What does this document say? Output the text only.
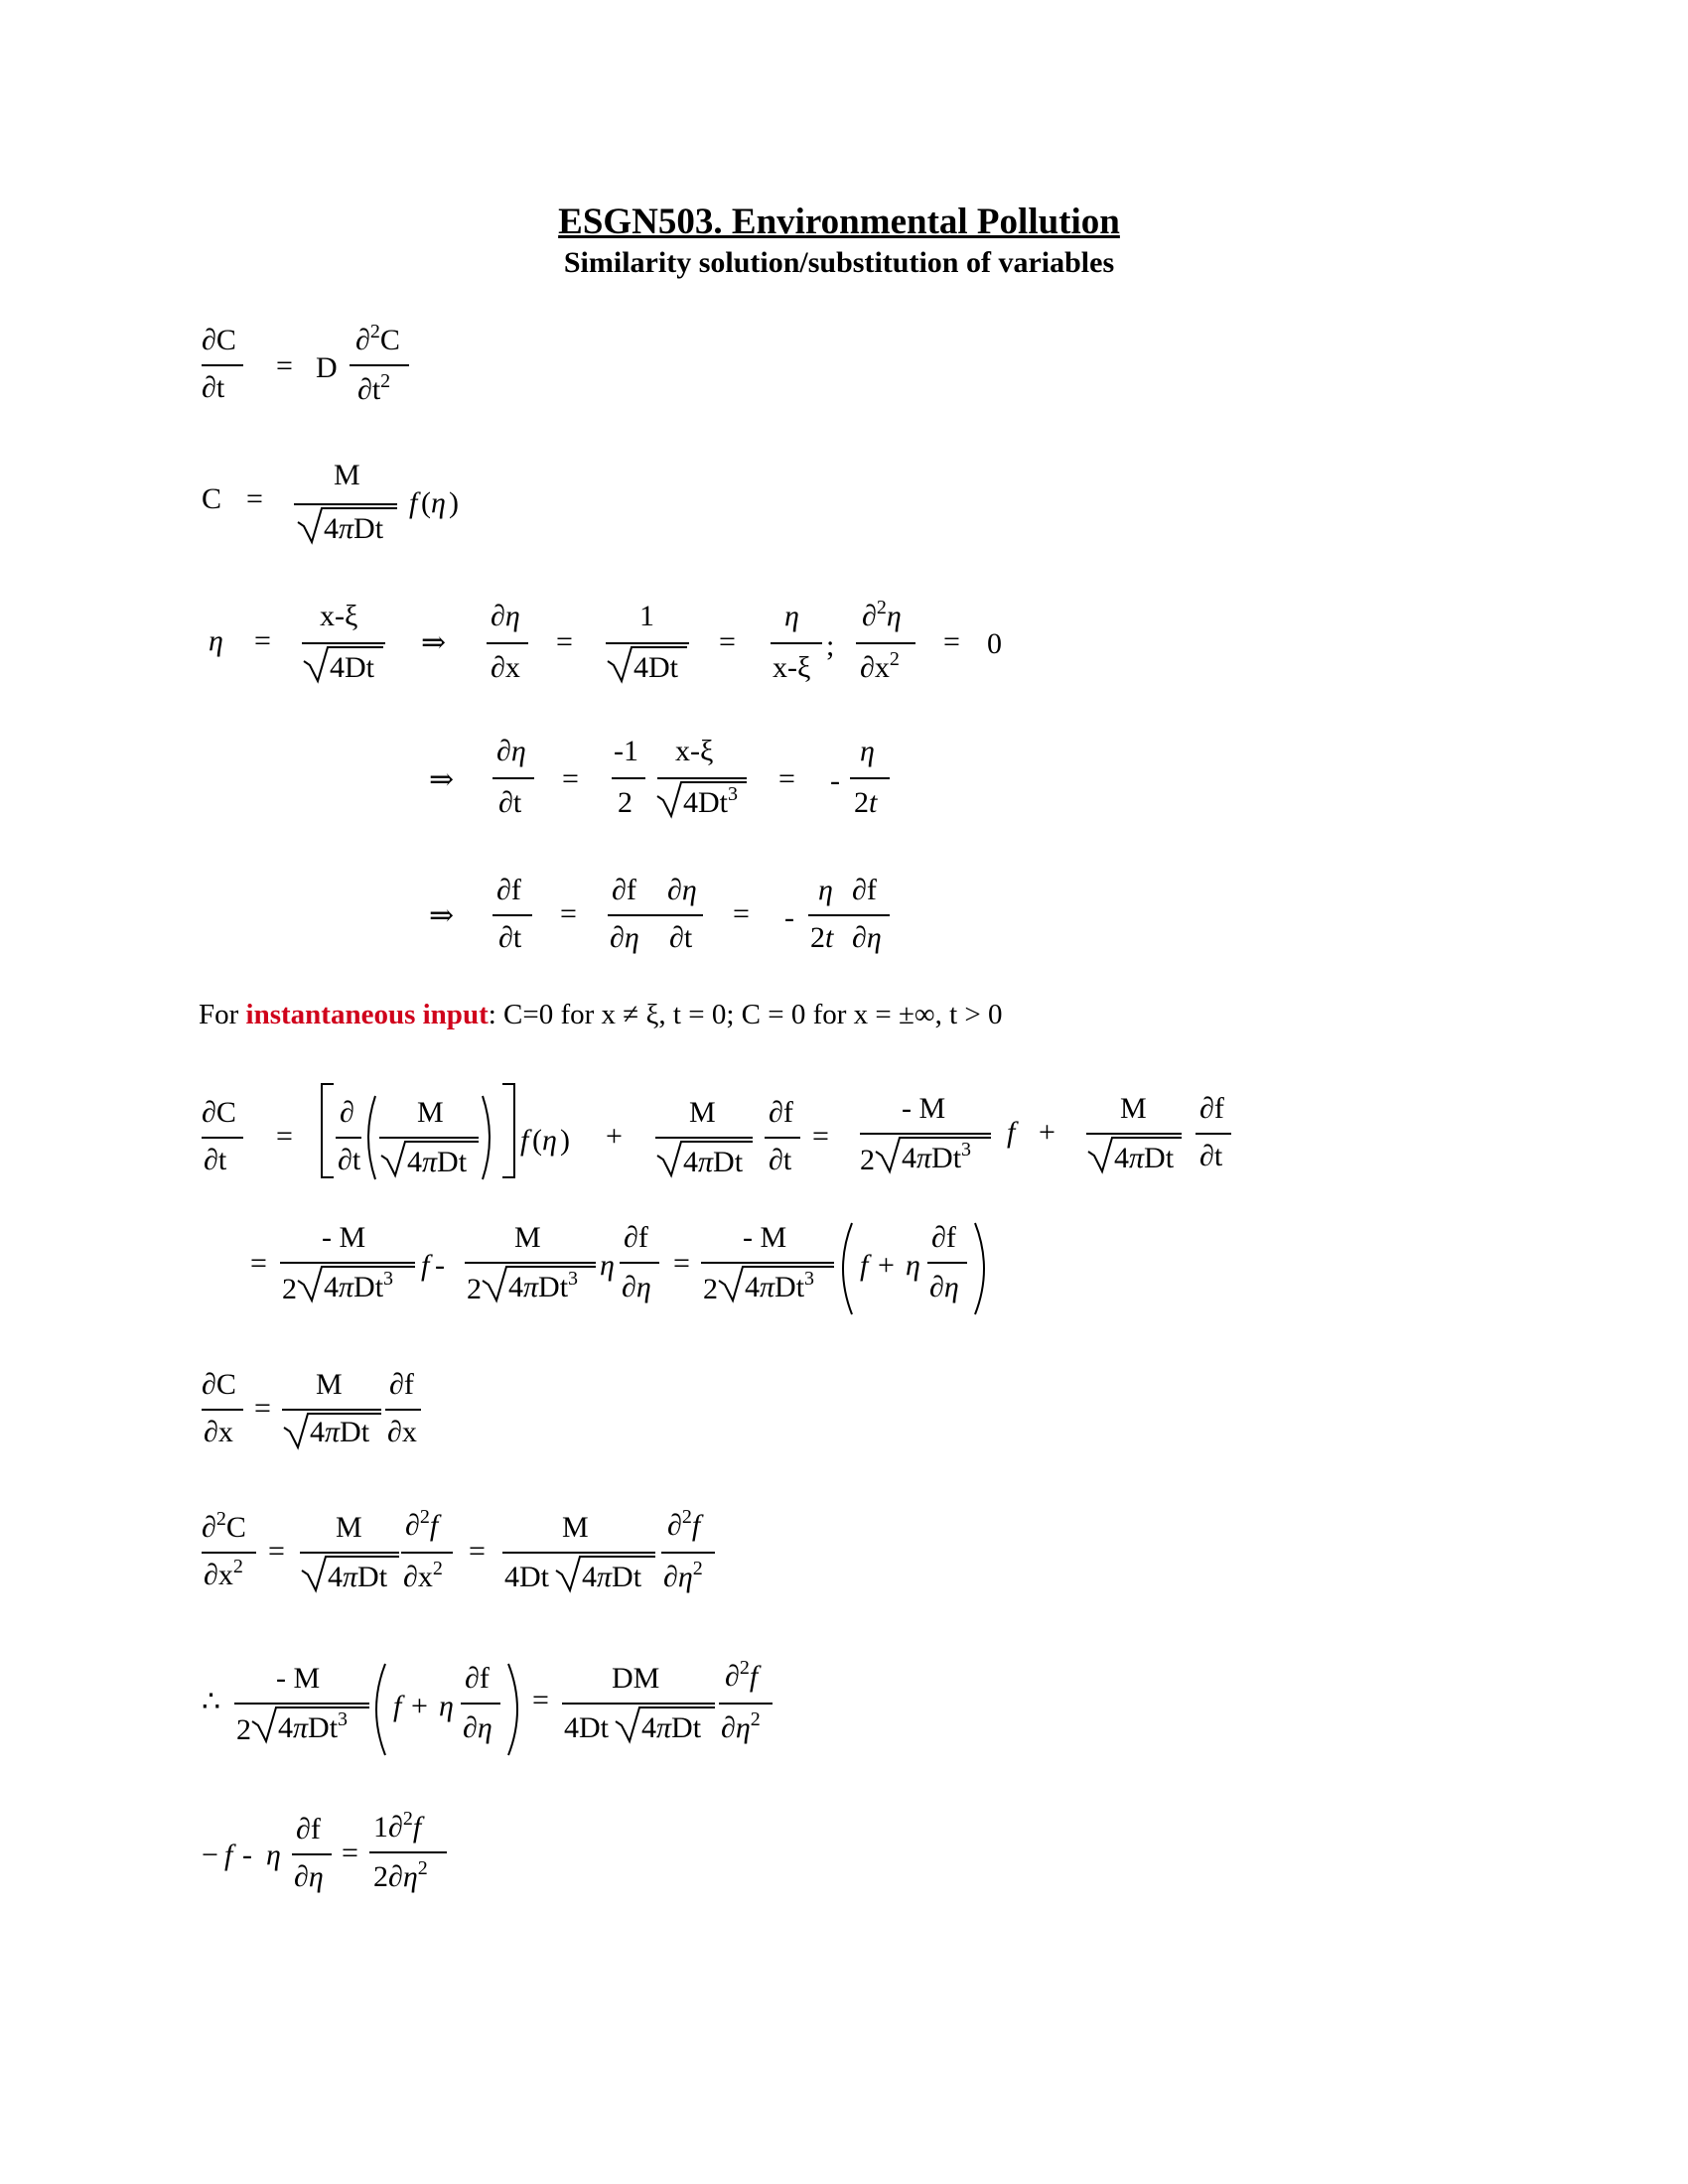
ESGN503. Environmental Pollution
Similarity solution/substitution of variables
For instantaneous input: C=0 for x ≠ ξ, t = 0; C = 0 for x = ±∞, t > 0
∂C
∂t
= D
∂$^2$C
$\partial t^2$
C =
M
4πDt
f ( η )
η =
x-ξ
4Dt
⇒
∂η
∂x
=
1
4Dt
=
η
x-ξ
;
∂$^2$η
$\partial x^2$
= 0
⇒
∂η
∂t
=
-1
2
x-ξ
$4Dt^3$ = -
η
2t
⇒
∂f
∂t
=
∂f ∂η
∂η ∂t
= -
η ∂f
2t ∂η
∂C
∂t
=
∂
∂t
M
4πDt
f ( η ) +
M
4πDt
∂f
∂t
=
- M
2 4πDt$^3$
f +
M
4πDt
∂f
∂t
=
- M
2 4πDt$^3$ f -
M
2 4πDt$^3$ η
∂f
∂η
=
- M
2 4πDt$^3$ f + η
∂f
∂η
∂C
∂x
=
M
4πDt
∂f
∂x
∂$^2$C
$\partial x^2$ =
M
4πDt
∂$^2$f
$\partial x^2$
=
M
4Dt 4πDt
∂$^2$f
$\partial\eta^2$
∴
- M
2 4πDt$^3$ f + η
∂f
∂η
=
DM
4Dt 4πDt
∂$^2$f
$\partial\eta^2$
− f - η
∂f
∂η
=
1∂$^2$f
$2\partial\eta^2$
